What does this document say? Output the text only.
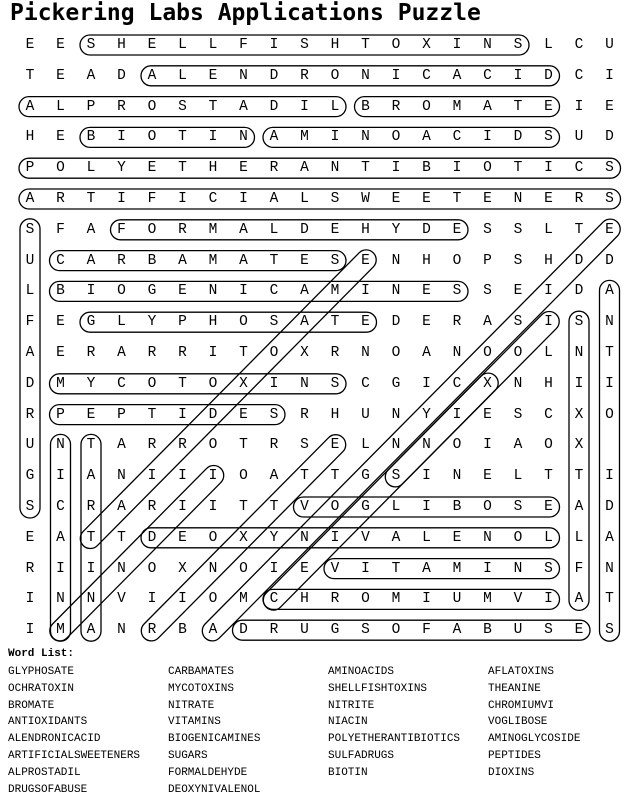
Pickering Labs Applications Puzzle
E	E	S	H	E	L	L	F	I	S	H	T	O	X	I	N	S	L	C	U
T	E	A	D	A	L	E	N	D	R	O	N	I	C	A	C	I	D	C	I
A	L	P	R	O	S	T	A	D	I	L	B	R	O	M	A	T	E	I	E
H	E	B	I	O	T	I	N	A	M	I	N	O	A	C	I	D	S	U	D
P	O	L	Y	E	T	H	E	R	A	N	T	I	B	I	O	T	I	C	S
A	R	T	I	F	I	C	I	A	L	S	W	E	E	T	E	N	E	R	S
S	F	A	F	O	R	M	A	L	D	E	H	Y	D	E	S	S	L	T	E
U	C	A	R	B	A	M	A	T	E	S	E	N	H	O	P	S	H	D	D
L	B	I	O	G	E	N	I	C	A	M	I	N	E	S	S	E	I	D	A
F	E	G	L	Y	P	H	O	S	A	T	E	D	E	R	A	S	I	S	N
A	E	R	A	R	R	I	T	O	X	R	N	O	A	N	O	O	L	N	T
D	M	Y	C	O	T	O	X	I	N	S	C	G	I	C	X	N	H	I	I
R	P	E	P	T	I	D	E	S	R	H	U	N	Y	I	E	S	C	X	O
U	N	T	A	R	R	O	T	R	S	E	L	N	N	O	I	A	O	X
G	I	A	N	I	I	I	O	A	T	T	G	S	I	N	E	L	T	T	I
S	C	R	A	R	I	I	T	T	V	O	G	L	I	B	O	S	E	A	D
E	A	T	T	D	E	O	X	Y	N	I	V	A	L	E	N	O	L	L	A
R	I	I	N	O	X	N	O	I	E	V	I	T	A	M	I	N	S	F	N
I	N	N	V	I	I	O	M	C	H	R	O	M	I	U	M	V	I	A	T
I	M	A	N	R	B	A	D	R	U	G	S	O	F	A	B	U	S	E	S
Word List:
GLYPHOSATE	CARBAMATES	AMINOACIDS	AFLATOXINS
OCHRATOXIN	MYCOTOXINS	SHELLFISHTOXINS	THEANINE
BROMATE	NITRATE	NITRITE	CHROMIUMVI
ANTIOXIDANTS	VITAMINS	NIACIN	VOGLIBOSE
ALENDRONICACID	BIOGENICAMINES	POLYETHERANTIBIOTICS	AMINOGLYCOSIDE
ARTIFICIALSWEETENERS	SUGARS	SULFADRUGS	PEPTIDES
ALPROSTADIL	FORMALDEHYDE	BIOTIN	DIOXINS
DRUGSOFABUSE	DEOXYNIVALENOL
